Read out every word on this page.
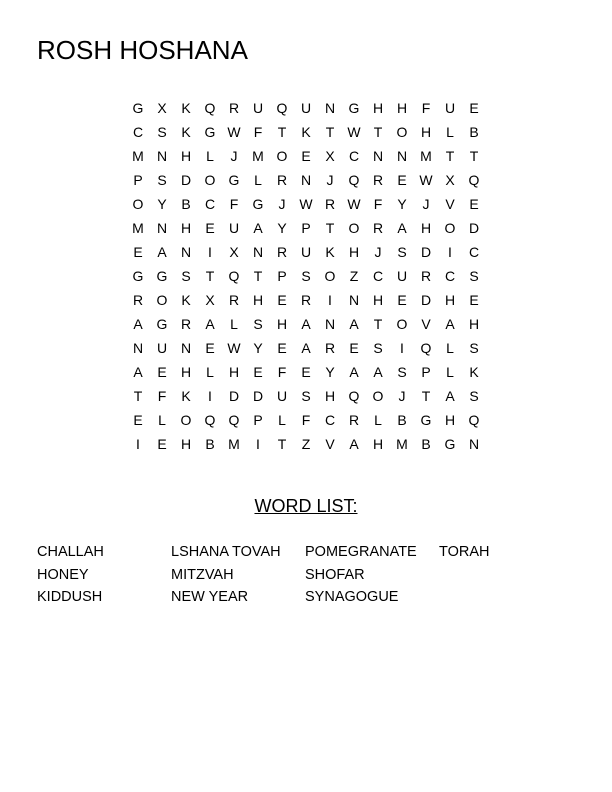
ROSH HOSHANA
G X	K Q R U Q U N G H H	F	U	E
C	S	K G W F	T	K	T W T	O H	L	B
M N H	L	J	M O E	X	C N N M T	T
P	S	D O G	L	R N	J	Q R	E W X Q
O Y	B	C	F	G	J W R W F	Y	J	V	E
M N H	E	U	A	Y	P	T	O R	A	H O D
E	A	N	I	X	N R U	K	H	J	S	D	I	C
G G S	T	Q	T	P	S O	Z	C U R C	S
R O K	X	R H	E	R	I	N H	E	D H	E
A G R	A	L	S	H	A	N	A	T	O V	A	H
N U N	E W Y	E	A	R	E	S	I	Q	L	S
A	E	H	L	H	E	F	E	Y	A	A	S	P	L	K
T	F	K	I	D D U	S	H Q O	J	T	A	S
E	L	O Q Q P	L	F	C R	L	B G H Q
I	E	H	B M	I	T	Z	V	A	H M B G N
WORD LIST:
CHALLAH	LSHANA TOVAH	POMEGRANATE	TORAH
HONEY	MITZVAH	SHOFAR
KIDDUSH	NEW YEAR	SYNAGOGUE
